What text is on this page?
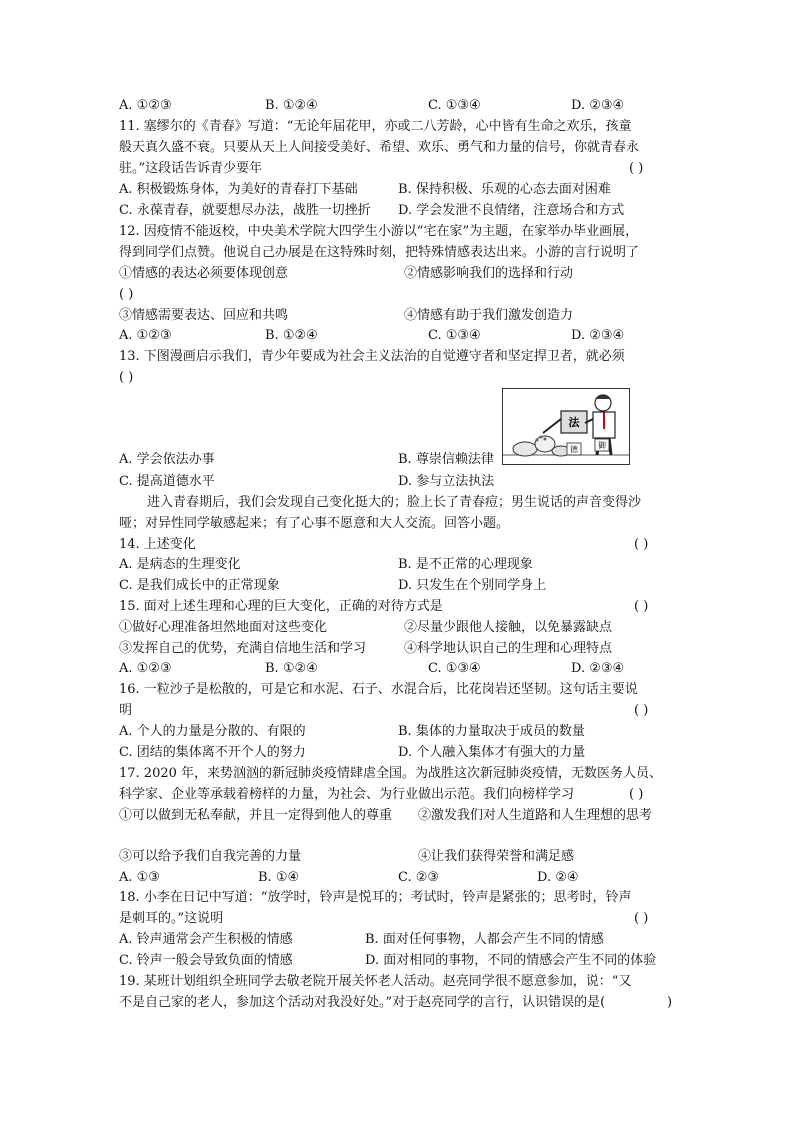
A. ①②③	B. ①②④	C. ①③④	D. ②③④
11. 塞缪尔的《青春》写道：“无论年届花甲，亦或二八芳龄，心中皆有生命之欢乐，孩童
般天真久盛不衰。只要从天上人间接受美好、希望、欢乐、勇气和力量的信号，你就青春永
驻。”这段话告诉青少要年	( )
A. 积极锻炼身体，为美好的青春打下基础	B. 保持积极、乐观的心态去面对困难
C. 永葆青春，就要想尽办法，战胜一切挫折 D. 学会发泄不良情绪，注意场合和方式
12. 因疫情不能返校，中央美术学院大四学生小游以“宅在家”为主题，在家举办毕业画展，
得到同学们点赞。他说自己办展是在这特殊时刻，把特殊情感表达出来。小游的言行说明了
①情感的表达必须要体现创意	②情感影响我们的选择和行动
( )
③情感需要表达、回应和共鸣	④情感有助于我们激发创造力
A. ①②③	B. ①②④	C. ①③④	D. ②③④
13. 下图漫画启示我们，青少年要成为社会主义法治的自觉遵守者和坚定捍卫者，就必须
( )
御
德
法
A. 学会依法办事	B. 尊崇信赖法律
C. 提高道德水平	D. 参与立法执法
进入青春期后，我们会发现自己变化挺大的；脸上长了青春痘；男生说话的声音变得沙
哑；对异性同学敏感起来；有了心事不愿意和大人交流。回答小题。
14. 上述变化	( )
A. 是病态的生理变化	B. 是不正常的心理现象
C. 是我们成长中的正常现象	D. 只发生在个别同学身上
15. 面对上述生理和心理的巨大变化，正确的对待方式是	( )
①做好心理准备坦然地面对这些变化	②尽量少跟他人接触，以免暴露缺点
③发挥自己的优势，充满自信地生活和学习	④科学地认识自己的生理和心理特点
A. ①②③	B. ①②④	C. ①③④	D. ②③④
16. 一粒沙子是松散的，可是它和水泥、石子、水混合后，比花岗岩还坚韧。这句话主要说
明	( )
A. 个人的力量是分散的、有限的	B. 集体的力量取决于成员的数量
C. 团结的集体离不开个人的努力	D. 个人融入集体才有强大的力量
17. 2020 年，来势汹汹的新冠肺炎疫情肆虐全国。为战胜这次新冠肺炎疫情，无数医务人员、
科学家、企业等承载着榜样的力量，为社会、为行业做出示范。我们向榜样学习	( )
①可以做到无私奉献，并且一定得到他人的尊重 ②激发我们对人生道路和人生理想的思考
③可以给予我们自我完善的力量	④让我们获得荣誉和满足感
A. ①③	B. ①④	C. ②③	D. ②④
18. 小李在日记中写道：“放学时，铃声是悦耳的；考试时，铃声是紧张的；思考时，铃声
是刺耳的。”这说明	( )
A. 铃声通常会产生积极的情感	B. 面对任何事物，人都会产生不同的情感
C. 铃声一般会导致负面的情感	D. 面对相同的事物，不同的情感会产生不同的体验
19. 某班计划组织全班同学去敬老院开展关怀老人活动。赵亮同学很不愿意参加，说：“又
不是自己家的老人，参加这个活动对我没好处。”对于赵亮同学的言行，认识错误的是(	)
